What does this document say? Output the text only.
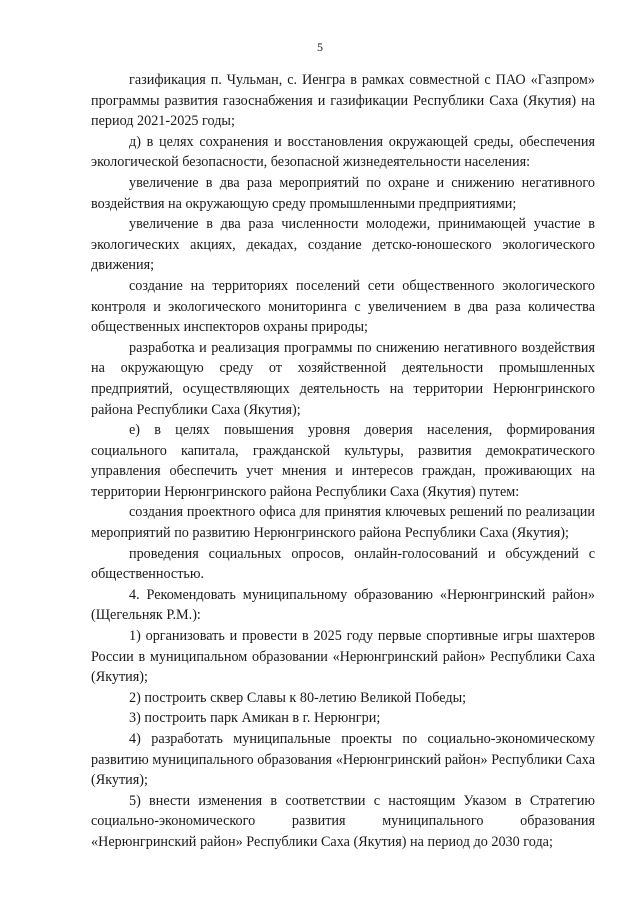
5

газификация п. Чульман, с. Иенгра в рамках совместной с ПАО «Газпром» программы развития газоснабжения и газификации Республики Саха (Якутия) на период 2021-2025 годы;

д) в целях сохранения и восстановления окружающей среды, обеспечения экологической безопасности, безопасной жизнедеятельности населения:

увеличение в два раза мероприятий по охране и снижению негативного воздействия на окружающую среду промышленными предприятиями;

увеличение в два раза численности молодежи, принимающей участие в экологических акциях, декадах, создание детско-юношеского экологического движения;

создание на территориях поселений сети общественного экологического контроля и экологического мониторинга с увеличением в два раза количества общественных инспекторов охраны природы;

разработка и реализация программы по снижению негативного воздействия на окружающую среду от хозяйственной деятельности промышленных предприятий, осуществляющих деятельность на территории Нерюнгринского района Республики Саха (Якутия);

е) в целях повышения уровня доверия населения, формирования социального капитала, гражданской культуры, развития демократического управления обеспечить учет мнения и интересов граждан, проживающих на территории Нерюнгринского района Республики Саха (Якутия) путем:

создания проектного офиса для принятия ключевых решений по реализации мероприятий по развитию Нерюнгринского района Республики Саха (Якутия);

проведения социальных опросов, онлайн-голосований и обсуждений с общественностью.

4. Рекомендовать муниципальному образованию «Нерюнгринский район» (Щегельняк Р.М.):

1) организовать и провести в 2025 году первые спортивные игры шахтеров России в муниципальном образовании «Нерюнгринский район» Республики Саха (Якутия);

2) построить сквер Славы к 80-летию Великой Победы;

3) построить парк Амикан в г. Нерюнгри;

4) разработать муниципальные проекты по социально-экономическому развитию муниципального образования «Нерюнгринский район» Республики Саха (Якутия);

5) внести изменения в соответствии с настоящим Указом в Стратегию социально-экономического развития муниципального образования «Нерюнгринский район» Республики Саха (Якутия) на период до 2030 года;
